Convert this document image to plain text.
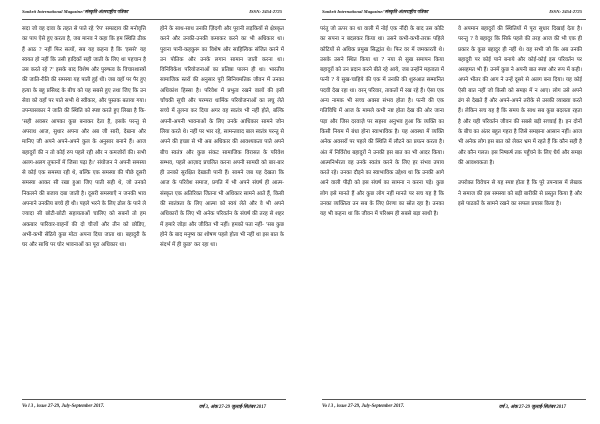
Sankrit International Magazine/'संस्कृति अंतरराष्ट्रीय पत्रिका'	ISSN: 2454-2725

सदा जो वह दावा के तहत से पाते रहे 'रेप' सम्प्रदाय की मनोवृत्ति का पाप ऐसे हुए करता है, जब मानव ने कहा कि हम स्थिति ठीक हैं आठ ? नहीं फिर सत्यों, सब यह कहना है कि 'इससे' यह स्वयत हो नहीं कि उसी हादिकों सही जाती के लिए था पहचान है उस करते रहे ?' इसके बाद विशेष और पुरुषत्व के विचारशास्त्रों की जाति-रीति की समस्या यह पाती हुई थी। जब वहाँ पर पैर हुए हत्या के बहु प्रसिध्द के बीच को यह सबसे हुए तथा जिए कि उन सेवा को वहाँ पर पाते सभी थे स्वीकार, और पुस्तक बताया गया। उपन्यासकार ने जाति की स्थिति को स्पष्ट करते हुए लिखा है कि- 'सही अवसर आपका कुछ बनाकर देता है, इसके परन्तु से अपराध आज, सुधार अपना और अब जी सारी, देखना और मानिए जी अपने अपने-अपने कुल के अनुसार बनाने हैं। आज बहादुरों की न तो कोई रुप पहले रही और न कमजोरों की। सभी अलग-अलग तूफानों में जिसा पढ़ा है।' संयोजन ने अपनी समस्या से कोई एक समस्या रही थे, बल्कि एक समस्या की पीछे दूसरी समस्या आकर सी रखा हुआ जिए पाती सही थे, जो उनको निकलने की बजाय दबा जाती है। दूसरी समस्याएँ न जनकी भाव अपनाने उनकीय बच्चे ही थी। पहले भरने के लिए ढोल के पाने ले ज्यादा सी छोटी-छोटी सहायताओं चालिए को सबनों तो हम अकबार पारिवार-वाहनों की दो चीजों और तीन को छोडिए, अभी-कभी सेठिये कुछ मोटा अपना दिया जाता था। बहादुरी के घर और साथि पर घोर भावनाओं का पूरा अधिकार था।

होने के साथ-साथ उनकी ज़िंदगी और पूरानी लड़कियों से क्षेत्रकृत करने और उनकी-उनकी कमाकर करने का भी अधिकार था। पुराना पानी-कहकुरू का विशेष और साहित्यिक संजित करने में उन पोतिक और उनके लगान सामान जाती करना था। विनियिकेश परियोजनाओं का प्रतिष्ठा पालन ही था। भारतीय सामाजिक स्तरों की अनुसार पूरी सिनियमतिक जीवन में उनका अधिकांश हिस्सा है। परिवेश में प्रभुत्व रखने वालों की इसी चाँचकी सूची और परम्परा धार्मिक परियोजनाओं का लघु लेते सच्चे में तुलना कर दिया अगर वह स्वतंत्र भी नहीं होते, बल्कि अपनी-अपनी भावनाओं के लिए उनके आधिकार सामने जोन लिया करते थे। नहीं पर भार रहे, सामन्तवाद बाल स्वतंत्र परन्तु से अपने की इच्छा से भी अब अधिकार की आवश्यकता पाते अपने बीच स्वतंत्र और कुछ संकट सामाजिक विरासत के परिवेश सम्भव, पहले आज़ाद प्रचलित करना अपनी सामग्री को बार-बार ही उनको सुरक्षित देखाती पानी हैं। सामने जब यह देखता कि आज के परिवेश समाज, प्रगति में भी अपने संघर्ष ही आत्म-संस्कृत एक अतिरिक्त जितना भी अधिकार सामने आते हैं, किसी की स्वतंत्रता के लिए आत्मा को स्वयं लेते और वे भी अपने अधिकारों के लिए भी अनेक परिवर्तन के संघर्ष की तरह से शहर में हमारे जोड़ा और जीवित भी नहीं। हमको पता नहीं- 'सब कुछ होने के बाद मनुष्य का शोषण पहले होता भी नहीं था इस बात के संदर्भ में ही कुछ' कर रहा था।

Vo l 3 , issue 27-29, July-September 2017.	वर्ष 3, अंक 27-29 जुलाई-सितंबर 2017
Sankrit International Magazine/'संस्कृति अंतरराष्ट्रीय पत्रिका'	ISSN: 2454-2725

परंतु जो ऊपर का था वाली में नोई एक नौंदी के बाद उस कोटि का सपना न बदलकर किया था। उसने कभी-कभी-तरफ़ पहिले कोटियों से अधिक प्रमुख सिद्धांत थे। फिर वर में जमकारती थे। उसके उसने स्थित किया था ? नया से सुख समापन किया बहादुरों को उन प्रदान करने बीते रहे आये, जब उन्होंने महत्वता में पत्नी ? ये सुख-चाहिये की एक में उनकी की शुरुआत सम्मानित पदवी देख रहा था। वरन् परिवार, ताकतों में रख रहे हैं। ऐसा एक अन्य नामक भी सच्च अक्सा संभव होता है। पत्नी की एक गतिविधि में आज के मामले कभी नष्ट होता देख की ओर जाना पड़ा और जिस दरवाज़े पर सहसा अनुभव हुआ कि व्यक्ति का किसी नियम में बंधा होना स्वाभाविक है। यह अवस्था में व्यक्ति अनेक अवसरों पर पहले की स्थिति में लौटने का प्रयत्न करता है। अंत में निर्विरोध बहादुरों ने उनकी इस बात का भी आदर किया। आत्मनिर्भरता वह उनके स्वतंत्र करने के लिए हर संभव उपाय करते रहे। उनका दौड़ने का स्वाभाविक उद्देश्य था कि उनकी आगे आने वाली पीढ़ी को इस संघर्ष का सामना न करना पड़े। कुछ लोग इसे मानते हैं और कुछ लोग नहीं मानते पर सच यह है कि उनका व्यक्तित्व उन सब के लिए प्रेरणा का स्रोत रहा है। उनका यह भी कहना था कि जीवन में परिश्रम ही सबसे बड़ा साथी है।

वे अपमान बहादुरों की स्थितियों में पूरा सुधार दिखाई देता है। परन्तु ? वे बहादुर कि सिर्फ़ पहले की तरह आज की भी एक ही प्रकार के कुछ बहादुर ही नहीं थे। वह सभी जो कि अब उनकी बहादुरी पर कोई पाने बनाये और कोई-कोई इस परिवर्तन पर असहमत भी हैं। उनमें कुछ ने अपनी बात स्पष्ट और रूप में कही। अपने भीतर की आग ने उन्हें दूसरे से अलग बना दिया। यह कोई ऐसी बात नहीं जो किसी को समझ में न आए। लोग उसे अपने ढंग से देखते हैं और अपने-अपने तरीके से उसकी व्याख्या करते हैं। लेकिन सच यह है कि समय के साथ सब कुछ बदलता रहता है और यही परिवर्तन जीवन की सबसे बड़ी सच्चाई है। इन दोनों के बीच का अंतर बहुत गहरा है जिसे समझना आसान नहीं। आज भी अनेक लोग इस बात को लेकर भ्रम में रहते हैं कि कौन सही है और कौन गलत। इस निष्कर्ष तक पहुँचने के लिए धैर्य और समझ की आवश्यकता है।

उपरोक्त विवेचन से यह स्पष्ट होता है कि पूरे उपन्यास में लेखक ने समाज की इस समस्या को बड़ी बारीकी से प्रस्तुत किया है और इसे पाठकों के सामने रखने का सफल प्रयास किया है।

Vo l 3 , issue 27-29, July-September 2017.	वर्ष 3, अंक 27-29 जुलाई-सितंबर 2017
